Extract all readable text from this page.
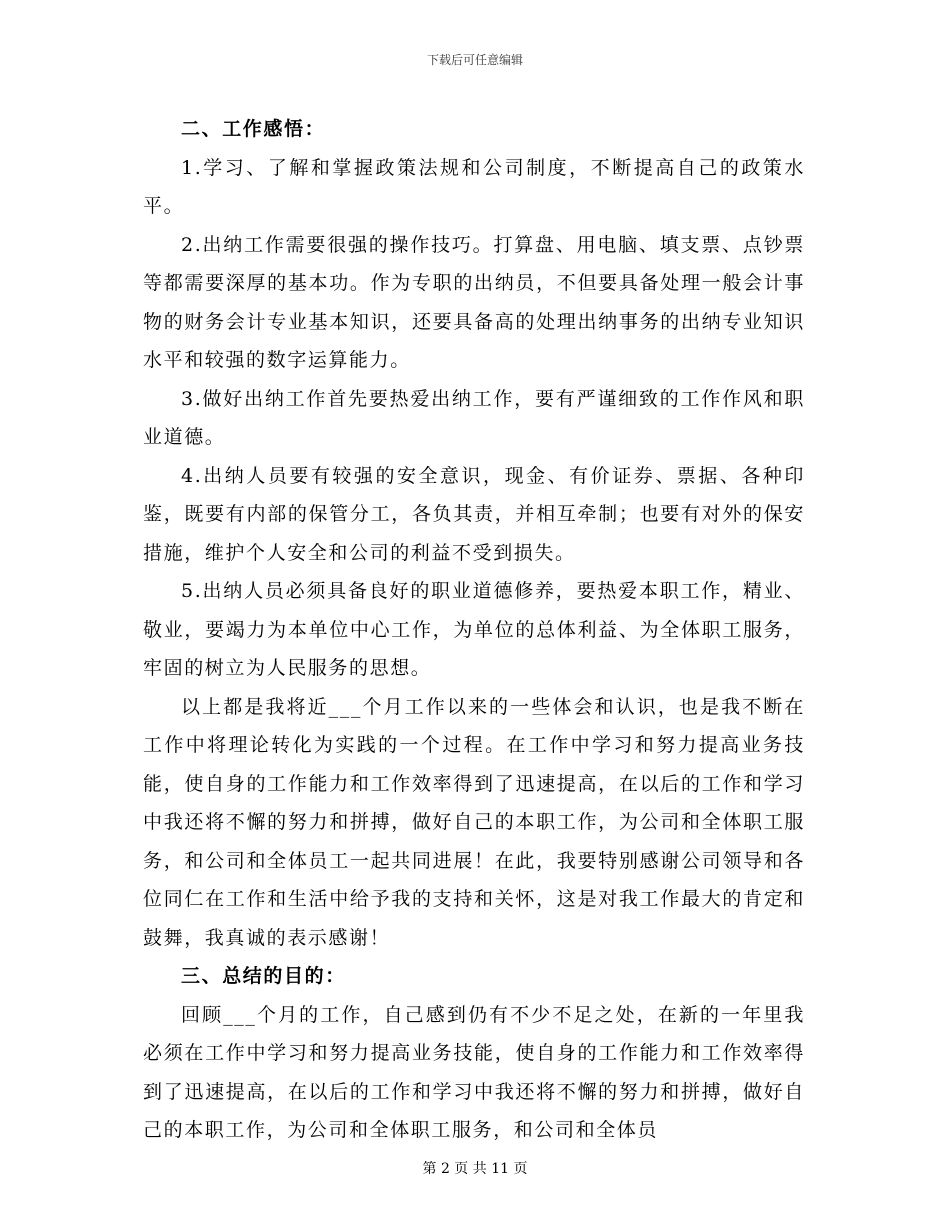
下载后可任意编辑

二、工作感悟：

1.学习、了解和掌握政策法规和公司制度，不断提高自己的政策水平。

2.出纳工作需要很强的操作技巧。打算盘、用电脑、填支票、点钞票等都需要深厚的基本功。作为专职的出纳员，不但要具备处理一般会计事物的财务会计专业基本知识，还要具备高的处理出纳事务的出纳专业知识水平和较强的数字运算能力。

3.做好出纳工作首先要热爱出纳工作，要有严谨细致的工作作风和职业道德。

4.出纳人员要有较强的安全意识，现金、有价证券、票据、各种印鉴，既要有内部的保管分工，各负其责，并相互牵制；也要有对外的保安措施，维护个人安全和公司的利益不受到损失。

5.出纳人员必须具备良好的职业道德修养，要热爱本职工作，精业、敬业，要竭力为本单位中心工作，为单位的总体利益、为全体职工服务，牢固的树立为人民服务的思想。

以上都是我将近___个月工作以来的一些体会和认识，也是我不断在工作中将理论转化为实践的一个过程。在工作中学习和努力提高业务技能，使自身的工作能力和工作效率得到了迅速提高，在以后的工作和学习中我还将不懈的努力和拼搏，做好自己的本职工作，为公司和全体职工服务，和公司和全体员工一起共同进展！在此，我要特别感谢公司领导和各位同仁在工作和生活中给予我的支持和关怀，这是对我工作最大的肯定和鼓舞，我真诚的表示感谢！

三、总结的目的：

回顾___个月的工作，自己感到仍有不少不足之处，在新的一年里我必须在工作中学习和努力提高业务技能，使自身的工作能力和工作效率得到了迅速提高，在以后的工作和学习中我还将不懈的努力和拼搏，做好自己的本职工作，为公司和全体职工服务，和公司和全体员

第 2 页 共 11 页
